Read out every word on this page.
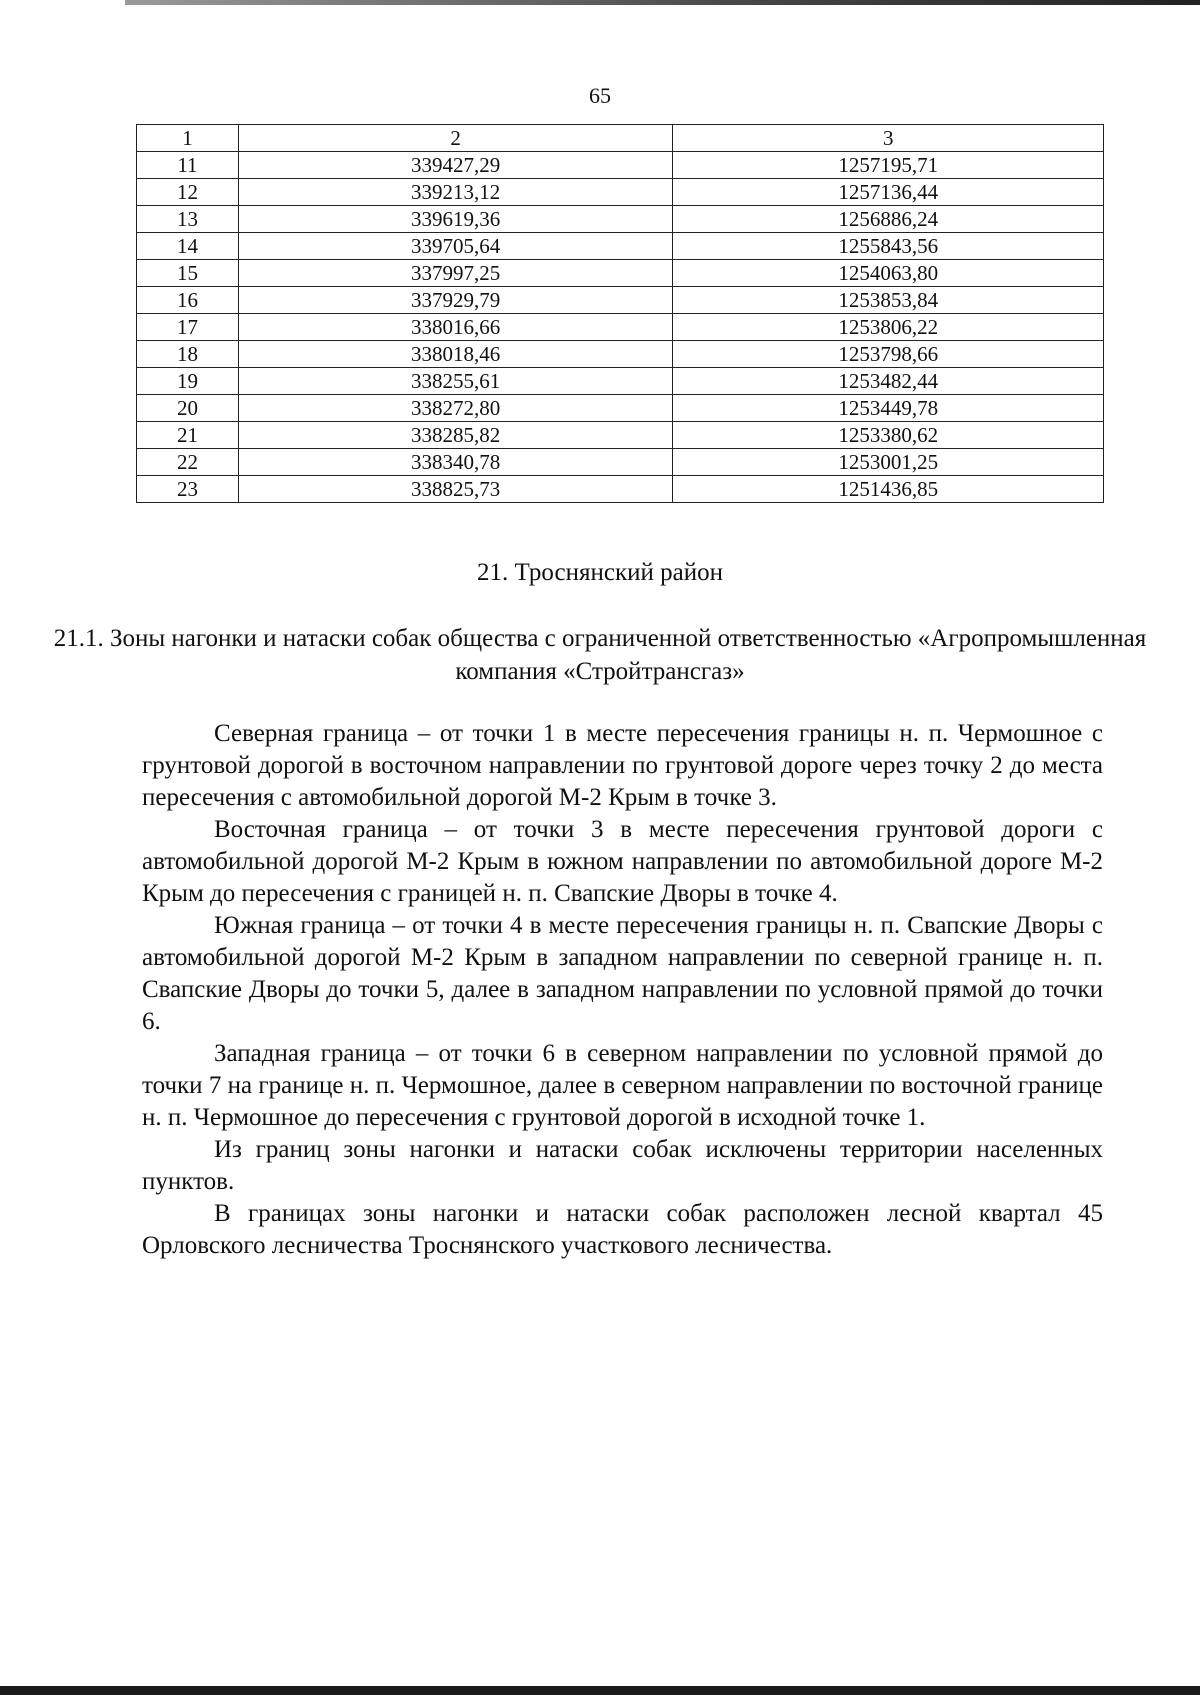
65
1	2	3
11	339427,29	1257195,71
12	339213,12	1257136,44
13	339619,36	1256886,24
14	339705,64	1255843,56
15	337997,25	1254063,80
16	337929,79	1253853,84
17	338016,66	1253806,22
18	338018,46	1253798,66
19	338255,61	1253482,44
20	338272,80	1253449,78
21	338285,82	1253380,62
22	338340,78	1253001,25
23	338825,73	1251436,85
21. Троснянский район
21.1. Зоны нагонки и натаски собак общества с ограниченной ответственностью «Агропромышленная компания «Стройтрансгаз»

Северная граница – от точки 1 в месте пересечения границы н. п. Чермошное с грунтовой дорогой в восточном направлении по грунтовой дороге через точку 2 до места пересечения с автомобильной дорогой М-2 Крым в точке 3.

Восточная граница – от точки 3 в месте пересечения грунтовой дороги с автомобильной дорогой М-2 Крым в южном направлении по автомобильной дороге М-2 Крым до пересечения с границей н. п. Свапские Дворы в точке 4.

Южная граница – от точки 4 в месте пересечения границы н. п. Свапские Дворы с автомобильной дорогой М-2 Крым в западном направлении по северной границе н. п. Свапские Дворы до точки 5, далее в западном направлении по условной прямой до точки 6.

Западная граница – от точки 6 в северном направлении по условной прямой до точки 7 на границе н. п. Чермошное, далее в северном направлении по восточной границе н. п. Чермошное до пересечения с грунтовой дорогой в исходной точке 1.

Из границ зоны нагонки и натаски собак исключены территории населенных пунктов.

В границах зоны нагонки и натаски собак расположен лесной квартал 45 Орловского лесничества Троснянского участкового лесничества.
